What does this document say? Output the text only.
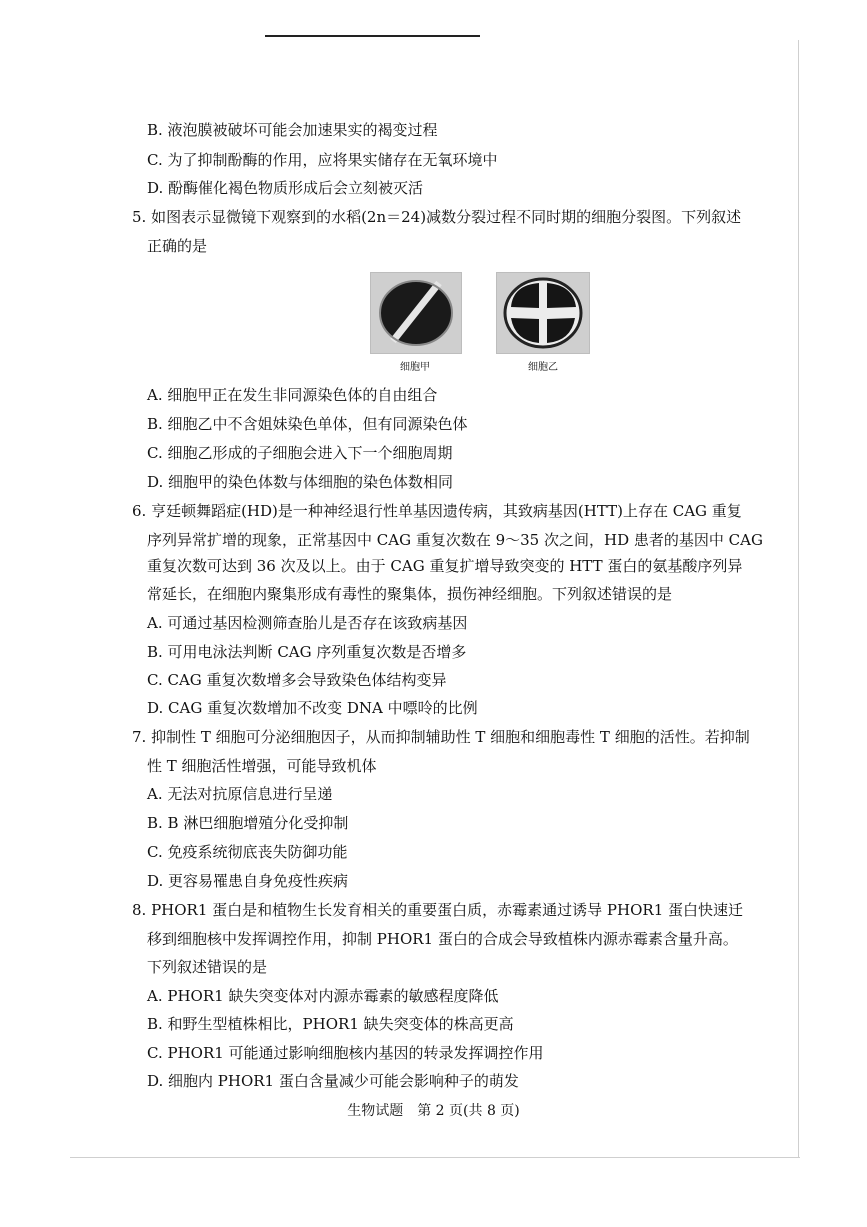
B. 液泡膜被破坏可能会加速果实的褐变过程
C. 为了抑制酚酶的作用，应将果实储存在无氧环境中
D. 酚酶催化褐色物质形成后会立刻被灭活
5. 如图表示显微镜下观察到的水稻(2n＝24)减数分裂过程不同时期的细胞分裂图。下列叙述
正确的是
细胞甲	细胞乙
A. 细胞甲正在发生非同源染色体的自由组合
B. 细胞乙中不含姐妹染色单体，但有同源染色体
C. 细胞乙形成的子细胞会进入下一个细胞周期
D. 细胞甲的染色体数与体细胞的染色体数相同
6. 亨廷顿舞蹈症(HD)是一种神经退行性单基因遗传病，其致病基因(HTT)上存在 CAG 重复
序列异常扩增的现象，正常基因中 CAG 重复次数在 9～35 次之间，HD 患者的基因中 CAG
重复次数可达到 36 次及以上。由于 CAG 重复扩增导致突变的 HTT 蛋白的氨基酸序列异
常延长，在细胞内聚集形成有毒性的聚集体，损伤神经细胞。下列叙述错误的是
A. 可通过基因检测筛查胎儿是否存在该致病基因
B. 可用电泳法判断 CAG 序列重复次数是否增多
C. CAG 重复次数增多会导致染色体结构变异
D. CAG 重复次数增加不改变 DNA 中嘌呤的比例
7. 抑制性 T 细胞可分泌细胞因子，从而抑制辅助性 T 细胞和细胞毒性 T 细胞的活性。若抑制
性 T 细胞活性增强，可能导致机体
A. 无法对抗原信息进行呈递
B. B 淋巴细胞增殖分化受抑制
C. 免疫系统彻底丧失防御功能
D. 更容易罹患自身免疫性疾病
8. PHOR1 蛋白是和植物生长发育相关的重要蛋白质，赤霉素通过诱导 PHOR1 蛋白快速迁
移到细胞核中发挥调控作用，抑制 PHOR1 蛋白的合成会导致植株内源赤霉素含量升高。
下列叙述错误的是
A. PHOR1 缺失突变体对内源赤霉素的敏感程度降低
B. 和野生型植株相比，PHOR1 缺失突变体的株高更高
C. PHOR1 可能通过影响细胞核内基因的转录发挥调控作用
D. 细胞内 PHOR1 蛋白含量减少可能会影响种子的萌发
生物试题　第 2 页(共 8 页)
